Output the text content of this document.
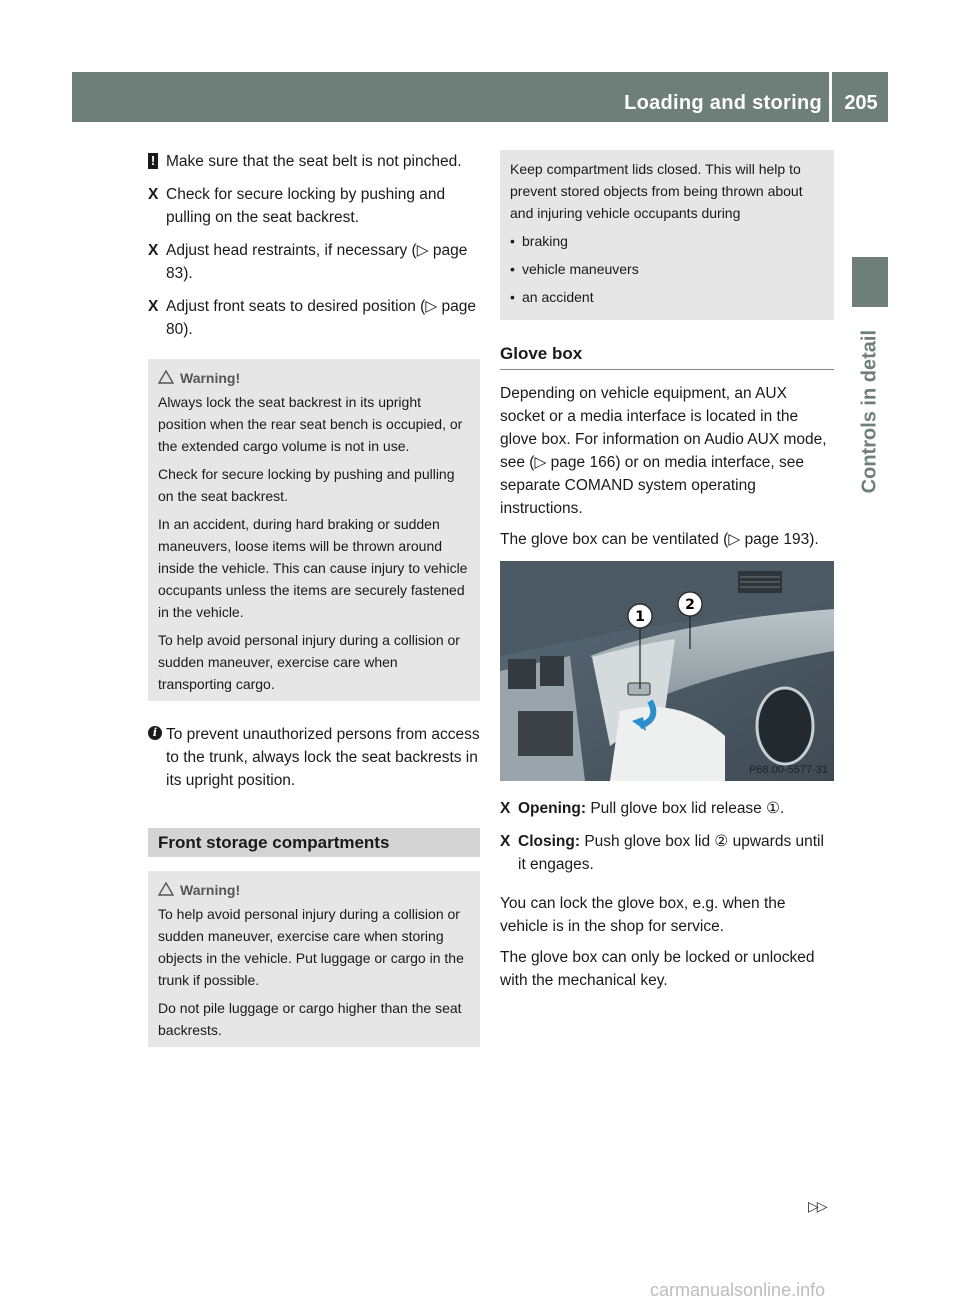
Loading and storing 205
Controls in detail
! Make sure that the seat belt is not pinched.
X Check for secure locking by pushing and pulling on the seat backrest.
X Adjust head restraints, if necessary (▷ page 83).
X Adjust front seats to desired position (▷ page 80).
Warning!

Always lock the seat backrest in its upright position when the rear seat bench is occupied, or the extended cargo volume is not in use.

Check for secure locking by pushing and pulling on the seat backrest.

In an accident, during hard braking or sudden maneuvers, loose items will be thrown around inside the vehicle. This can cause injury to vehicle occupants unless the items are securely fastened in the vehicle.

To help avoid personal injury during a collision or sudden maneuver, exercise care when transporting cargo.

i To prevent unauthorized persons from access to the trunk, always lock the seat backrests in its upright position.
Front storage compartments
Warning!

To help avoid personal injury during a collision or sudden maneuver, exercise care when storing objects in the vehicle. Put luggage or cargo in the trunk if possible.

Do not pile luggage or cargo higher than the seat backrests.

Keep compartment lids closed. This will help to prevent stored objects from being thrown about and injuring vehicle occupants during

• braking
• vehicle maneuvers
• an accident
Glove box

Depending on vehicle equipment, an AUX socket or a media interface is located in the glove box. For information on Audio AUX mode, see (▷ page 166) or on media interface, see separate COMAND system operating instructions.

The glove box can be ventilated (▷ page 193).

1
2
P68.00-5577-31
X Opening: Pull glove box lid release ①.
X Closing: Push glove box lid ② upwards until it engages.

You can lock the glove box, e.g. when the vehicle is in the shop for service.

The glove box can only be locked or unlocked with the mechanical key.

▷▷
carmanualsonline.info
